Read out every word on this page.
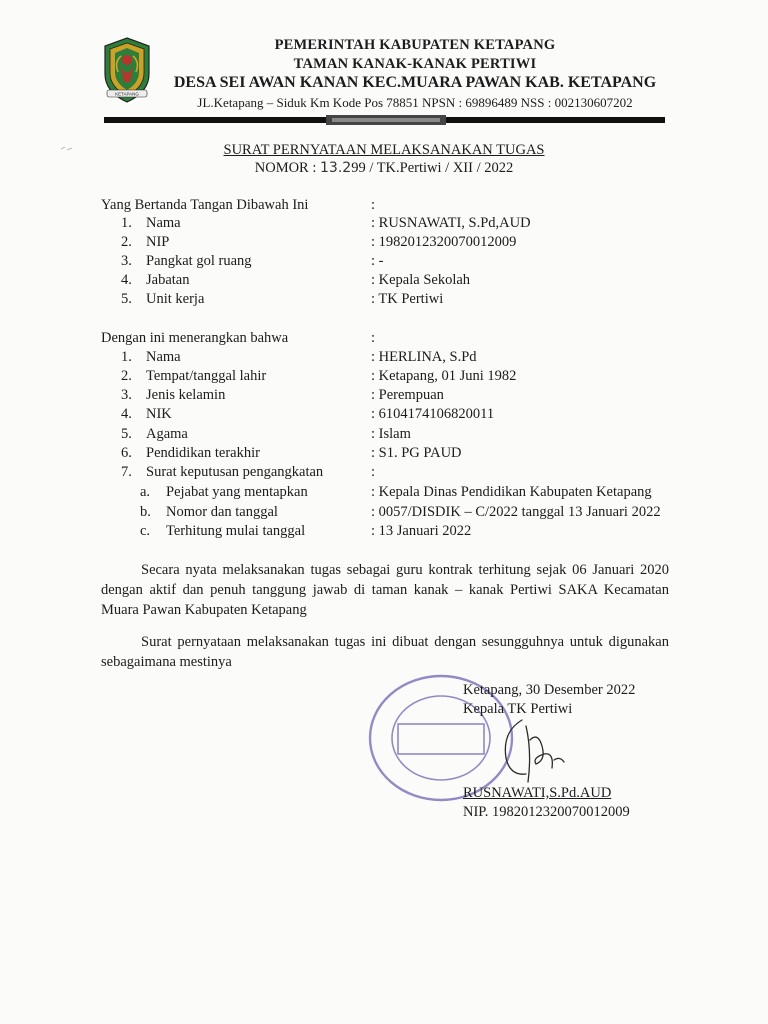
KETAPANG
PEMERINTAH KABUPATEN KETAPANG
TAMAN KANAK-KANAK PERTIWI
DESA SEI AWAN KANAN KEC.MUARA PAWAN KAB. KETAPANG
JL.Ketapang – Siduk Km Kode Pos 78851 NPSN : 69896489 NSS : 002130607202
SURAT PERNYATAAN MELAKSANAKAN TUGAS
NOMOR : 13.299 / TK.Pertiwi / XII / 2022
Yang Bertanda Tangan Dibawah Ini	:
1. Nama	: RUSNAWATI, S.Pd,AUD
2. NIP	: 1982012320070012009
3. Pangkat gol ruang	: -
4. Jabatan	: Kepala Sekolah
5. Unit kerja	: TK Pertiwi
Dengan ini menerangkan bahwa	:
1. Nama	: HERLINA, S.Pd
2. Tempat/tanggal lahir	: Ketapang, 01 Juni 1982
3. Jenis kelamin	: Perempuan
4. NIK	: 6104174106820011
5. Agama	: Islam
6. Pendidikan terakhir	: S1. PG PAUD
7. Surat keputusan pengangkatan	:
a. Pejabat yang mentapkan	: Kepala Dinas Pendidikan Kabupaten Ketapang
b. Nomor dan tanggal	: 0057/DISDIK – C/2022 tanggal 13 Januari 2022
c. Terhitung mulai tanggal	: 13 Januari 2022
Secara nyata melaksanakan tugas sebagai guru kontrak terhitung sejak 06 Januari 2020 dengan aktif dan penuh tanggung jawab di taman kanak – kanak Pertiwi SAKA Kecamatan Muara Pawan Kabupaten Ketapang
Surat pernyataan melaksanakan tugas ini dibuat dengan sesungguhnya untuk digunakan sebagaimana mestinya
Ketapang, 30 Desember 2022
Kepala TK Pertiwi
RUSNAWATI,S.Pd.AUD
NIP. 1982012320070012009
